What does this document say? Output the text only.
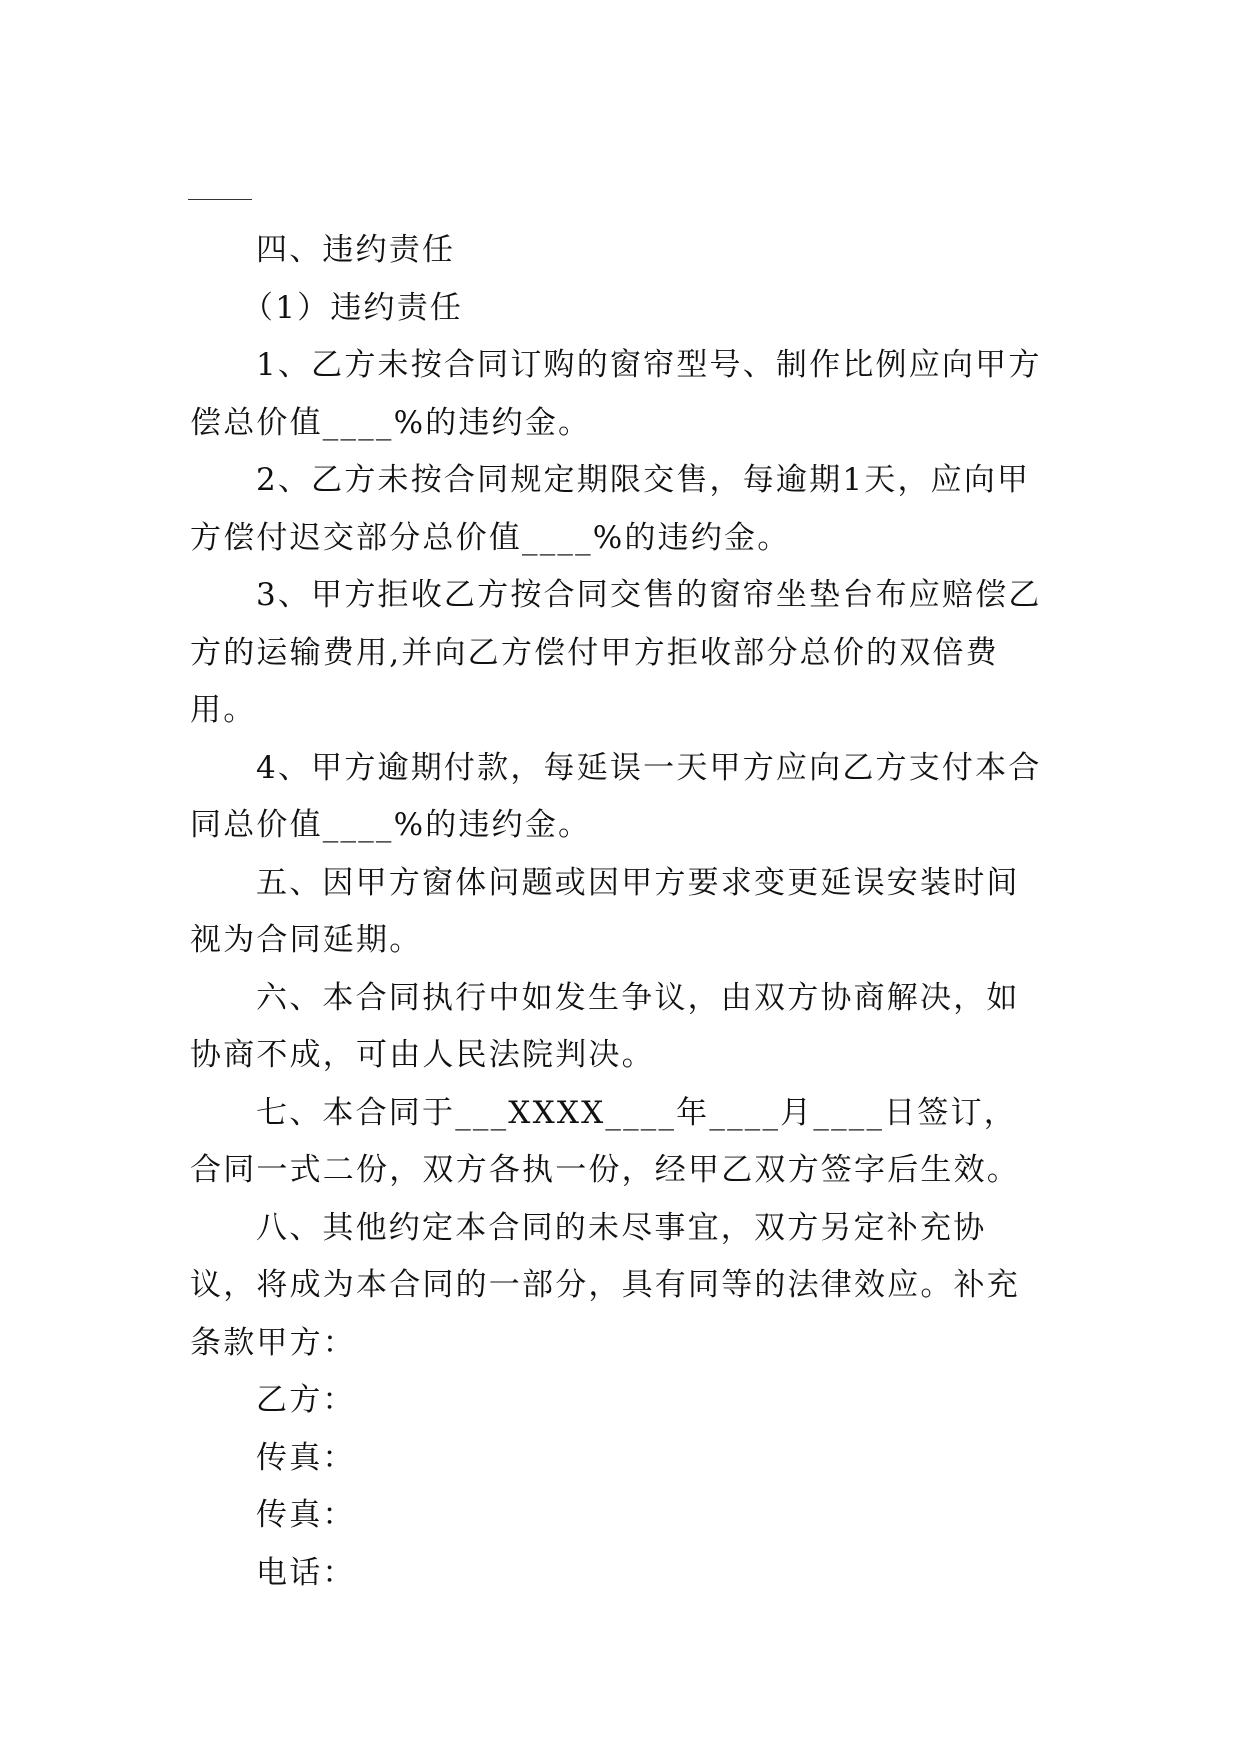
四、违约责任

（1）违约责任

1、乙方未按合同订购的窗帘型号、制作比例应向甲方偿总价值____%的违约金。

2、乙方未按合同规定期限交售，每逾期1天，应向甲方偿付迟交部分总价值____%的违约金。

3、甲方拒收乙方按合同交售的窗帘坐垫台布应赔偿乙方的运输费用,并向乙方偿付甲方拒收部分总价的双倍费用。

4、甲方逾期付款，每延误一天甲方应向乙方支付本合同总价值____%的违约金。

五、因甲方窗体问题或因甲方要求变更延误安装时间视为合同延期。

六、本合同执行中如发生争议，由双方协商解决，如协商不成，可由人民法院判决。

七、本合同于___XXXX____年____月____日签订，合同一式二份，双方各执一份，经甲乙双方签字后生效。

八、其他约定本合同的未尽事宜，双方另定补充协议，将成为本合同的一部分，具有同等的法律效应。补充条款甲方：

乙方：

传真：

传真：

电话：
